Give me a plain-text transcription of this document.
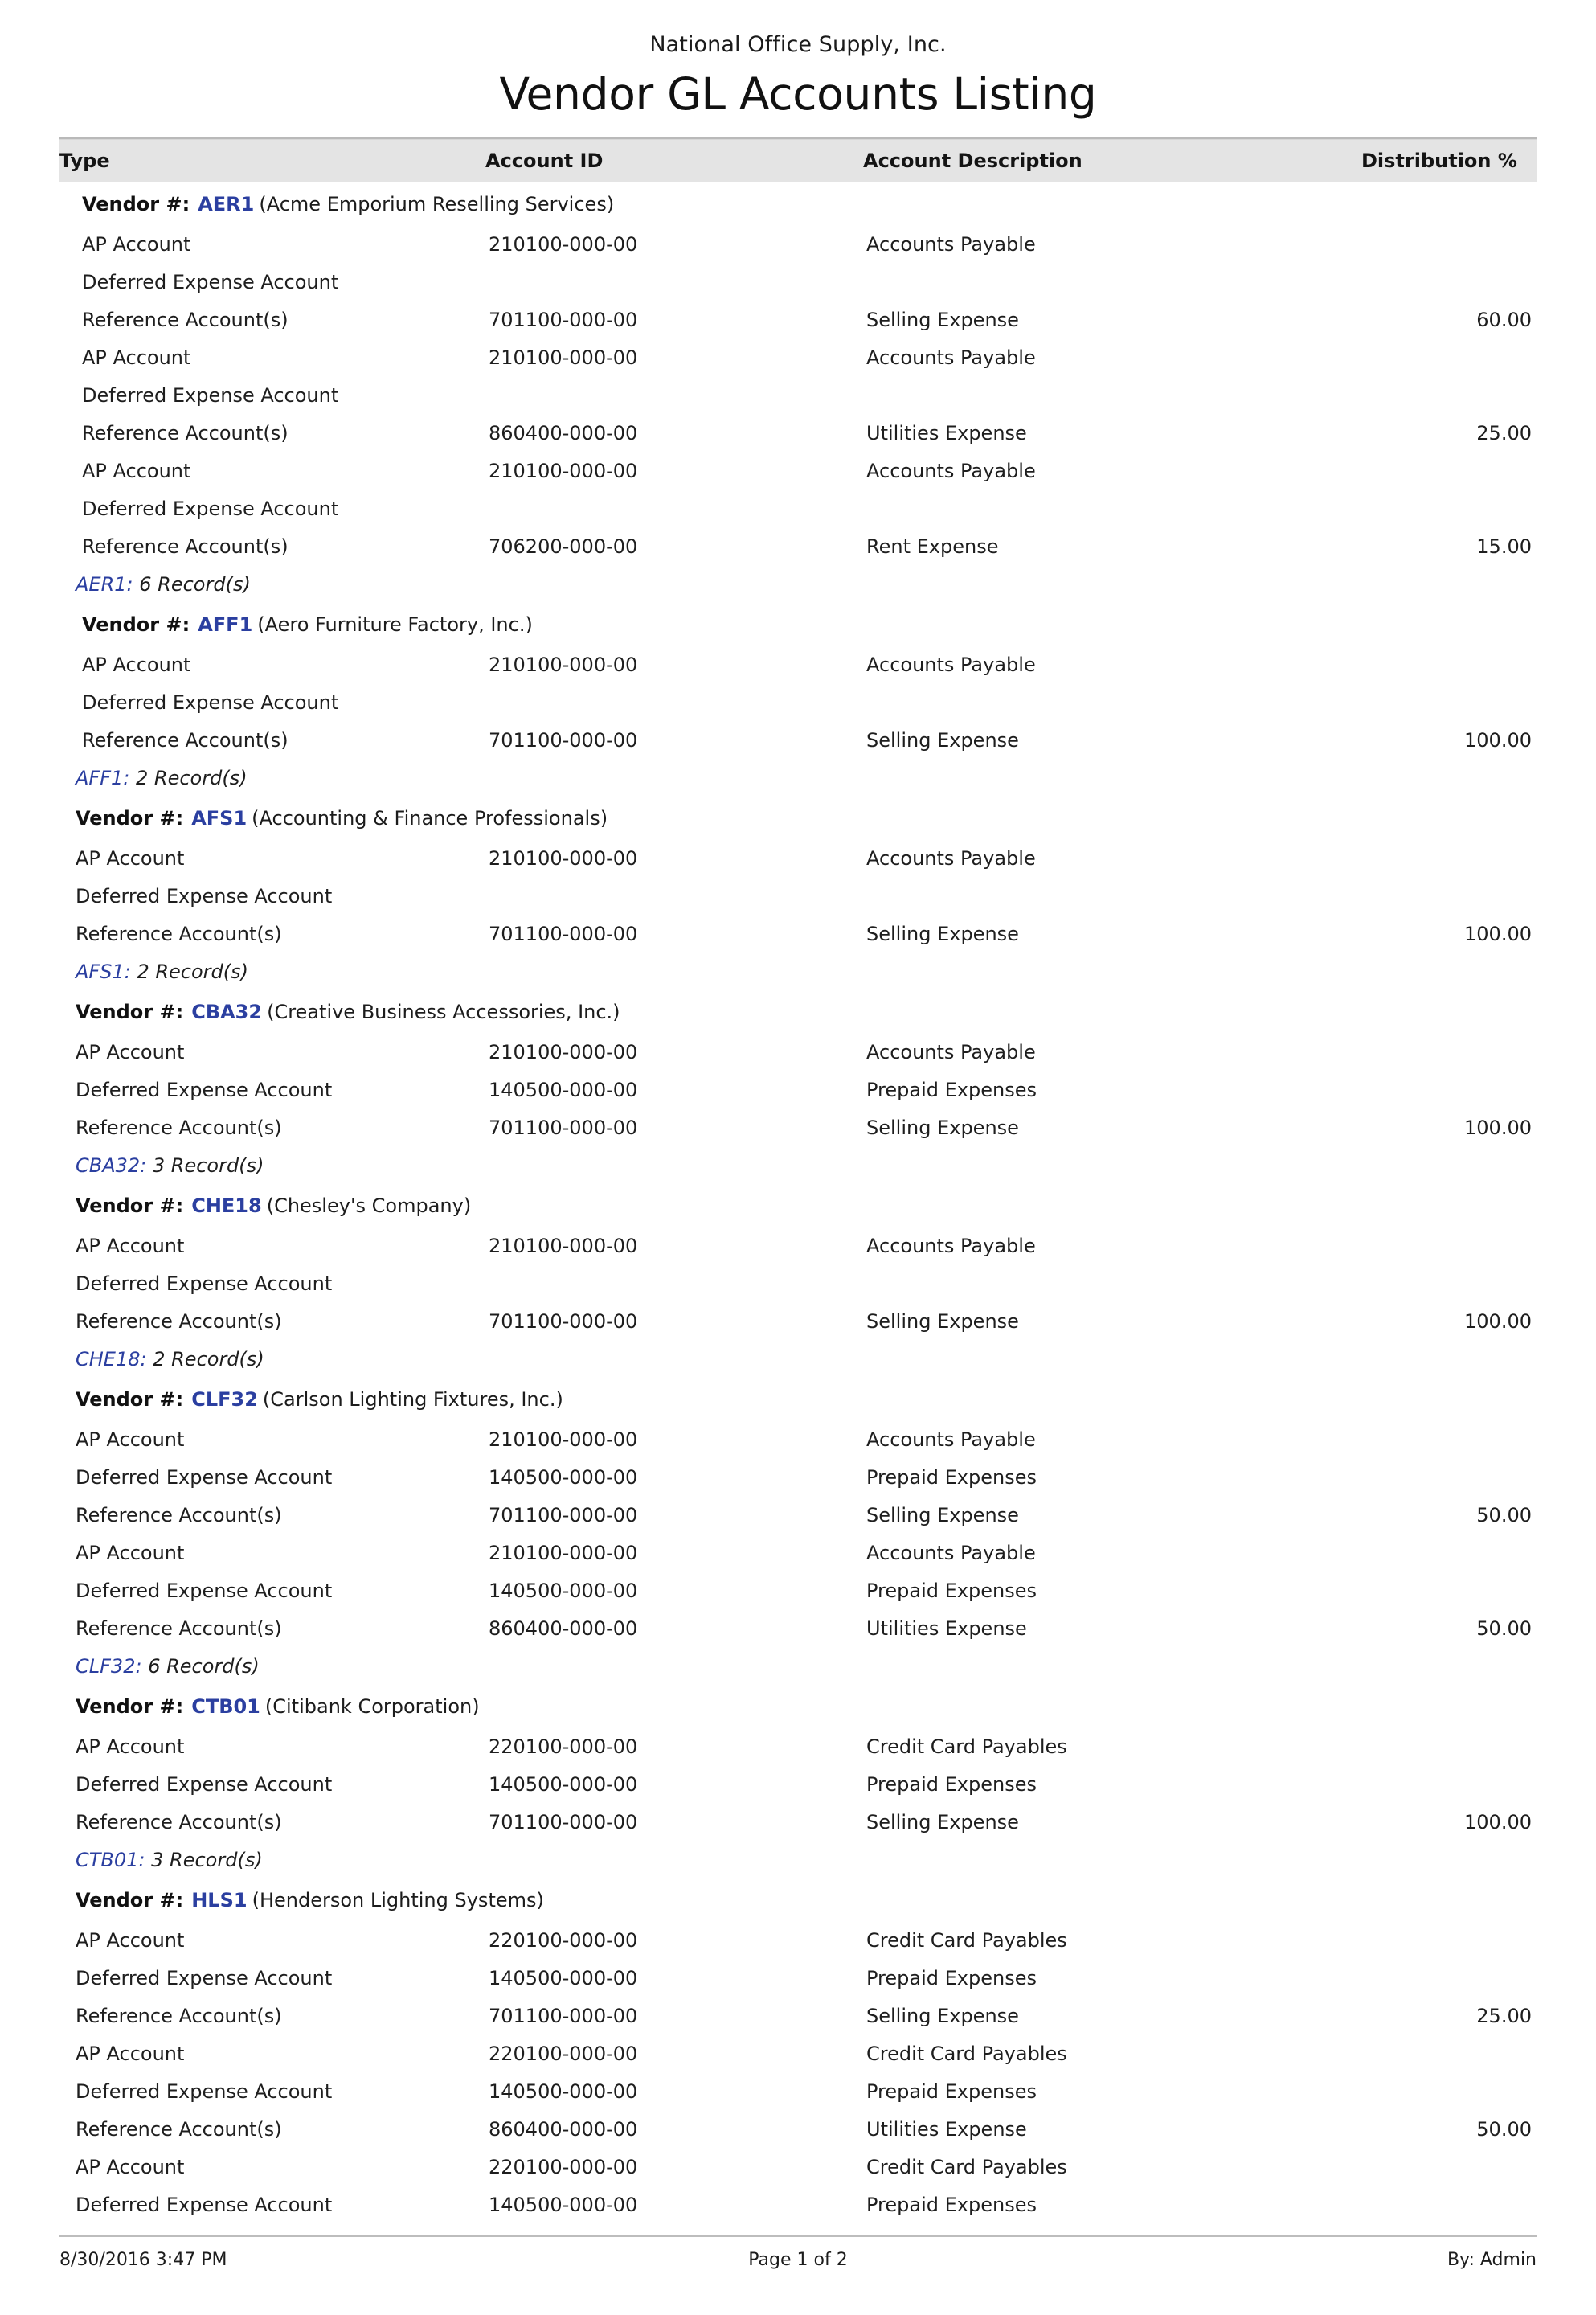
National Office Supply, Inc.
Vendor GL Accounts Listing
Type	Account ID	Account Description	Distribution %
Vendor #: AER1 (Acme Emporium Reselling Services)			
AP Account	210100-000-00	Accounts Payable	
Deferred Expense Account			
Reference Account(s)	701100-000-00	Selling Expense	60.00
AP Account	210100-000-00	Accounts Payable	
Deferred Expense Account			
Reference Account(s)	860400-000-00	Utilities Expense	25.00
AP Account	210100-000-00	Accounts Payable	
Deferred Expense Account			
Reference Account(s)	706200-000-00	Rent Expense	15.00
AER1: 6 Record(s)			
Vendor #: AFF1 (Aero Furniture Factory, Inc.)			
AP Account	210100-000-00	Accounts Payable	
Deferred Expense Account			
Reference Account(s)	701100-000-00	Selling Expense	100.00
AFF1: 2 Record(s)			
Vendor #: AFS1 (Accounting & Finance Professionals)			
AP Account	210100-000-00	Accounts Payable	
Deferred Expense Account			
Reference Account(s)	701100-000-00	Selling Expense	100.00
AFS1: 2 Record(s)			
Vendor #: CBA32 (Creative Business Accessories, Inc.)			
AP Account	210100-000-00	Accounts Payable	
Deferred Expense Account	140500-000-00	Prepaid Expenses	
Reference Account(s)	701100-000-00	Selling Expense	100.00
CBA32: 3 Record(s)			
Vendor #: CHE18 (Chesley's Company)			
AP Account	210100-000-00	Accounts Payable	
Deferred Expense Account			
Reference Account(s)	701100-000-00	Selling Expense	100.00
CHE18: 2 Record(s)			
Vendor #: CLF32 (Carlson Lighting Fixtures, Inc.)			
AP Account	210100-000-00	Accounts Payable	
Deferred Expense Account	140500-000-00	Prepaid Expenses	
Reference Account(s)	701100-000-00	Selling Expense	50.00
AP Account	210100-000-00	Accounts Payable	
Deferred Expense Account	140500-000-00	Prepaid Expenses	
Reference Account(s)	860400-000-00	Utilities Expense	50.00
CLF32: 6 Record(s)			
Vendor #: CTB01 (Citibank Corporation)			
AP Account	220100-000-00	Credit Card Payables	
Deferred Expense Account	140500-000-00	Prepaid Expenses	
Reference Account(s)	701100-000-00	Selling Expense	100.00
CTB01: 3 Record(s)			
Vendor #: HLS1 (Henderson Lighting Systems)			
AP Account	220100-000-00	Credit Card Payables	
Deferred Expense Account	140500-000-00	Prepaid Expenses	
Reference Account(s)	701100-000-00	Selling Expense	25.00
AP Account	220100-000-00	Credit Card Payables	
Deferred Expense Account	140500-000-00	Prepaid Expenses	
Reference Account(s)	860400-000-00	Utilities Expense	50.00
AP Account	220100-000-00	Credit Card Payables	
Deferred Expense Account	140500-000-00	Prepaid Expenses	
8/30/2016 3:47 PM	Page 1 of 2	By: Admin
